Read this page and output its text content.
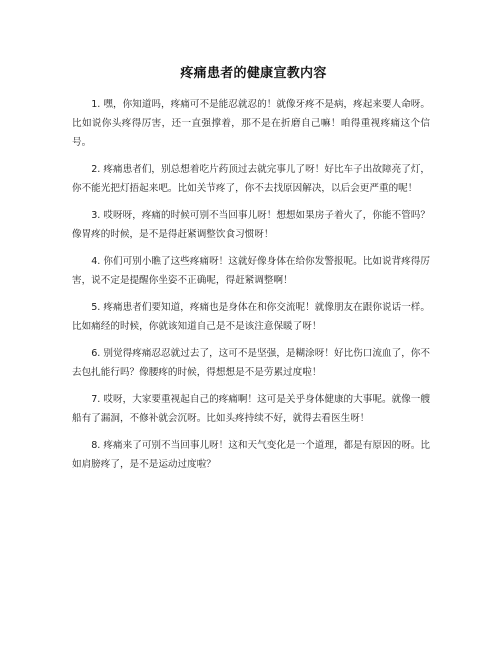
疼痛患者的健康宣教内容

1. 嘿，你知道吗，疼痛可不是能忍就忍的！就像牙疼不是病，疼起来要人命呀。比如说你头疼得厉害，还一直强撑着，那不是在折磨自己嘛！咱得重视疼痛这个信号。

2. 疼痛患者们，别总想着吃片药顶过去就完事儿了呀！好比车子出故障亮了灯，你不能光把灯捂起来吧。比如关节疼了，你不去找原因解决，以后会更严重的呢！

3. 哎呀呀，疼痛的时候可别不当回事儿呀！想想如果房子着火了，你能不管吗？像胃疼的时候，是不是得赶紧调整饮食习惯呀！

4. 你们可别小瞧了这些疼痛呀！这就好像身体在给你发警报呢。比如说背疼得厉害，说不定是提醒你坐姿不正确呢，得赶紧调整啊！

5. 疼痛患者们要知道，疼痛也是身体在和你交流呢！就像朋友在跟你说话一样。比如痛经的时候，你就该知道自己是不是该注意保暖了呀！

6. 别觉得疼痛忍忍就过去了，这可不是坚强，是糊涂呀！好比伤口流血了，你不去包扎能行吗？像腰疼的时候，得想想是不是劳累过度啦！

7. 哎呀，大家要重视起自己的疼痛啊！这可是关乎身体健康的大事呢。就像一艘船有了漏洞，不修补就会沉呀。比如头疼持续不好，就得去看医生呀！

8. 疼痛来了可别不当回事儿呀！这和天气变化是一个道理，都是有原因的呀。比如肩膀疼了，是不是运动过度啦？
